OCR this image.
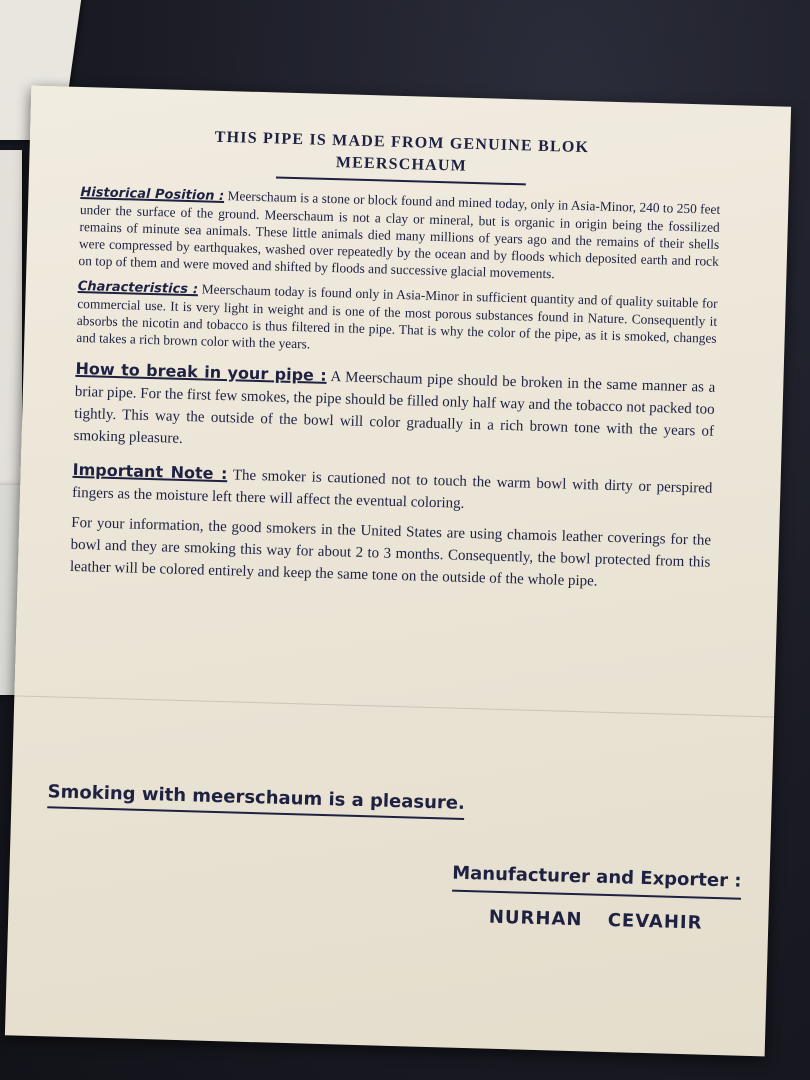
THIS PIPE IS MADE FROM GENUINE BLOK

MEERSCHAUM

Historical Position : Meerschaum is a stone or block found and mined today, only in Asia-Minor, 240 to 250 feet under the surface of the ground. Meerschaum is not a clay or mineral, but is organic in origin being the fossilized remains of minute sea animals. These little animals died many millions of years ago and the remains of their shells were compressed by earthquakes, washed over repeatedly by the ocean and by floods which deposited earth and rock on top of them and were moved and shifted by floods and successive glacial movements.

Characteristics : Meerschaum today is found only in Asia-Minor in sufficient quantity and of quality suitable for commercial use. It is very light in weight and is one of the most porous substances found in Nature. Consequently it absorbs the nicotin and tobacco is thus filtered in the pipe. That is why the color of the pipe, as it is smoked, changes and takes a rich brown color with the years.

How to break in your pipe : A Meerschaum pipe should be broken in the same manner as a briar pipe. For the first few smokes, the pipe should be filled only half way and the tobacco not packed too tightly. This way the outside of the bowl will color gradually in a rich brown tone with the years of smoking pleasure.

Important Note : The smoker is cautioned not to touch the warm bowl with dirty or perspired fingers as the moisture left there will affect the eventual coloring.

For your information, the good smokers in the United States are using chamois leather coverings for the bowl and they are smoking this way for about 2 to 3 months. Consequently, the bowl protected from this leather will be colored entirely and keep the same tone on the outside of the whole pipe.

Smoking with meerschaum is a pleasure.
Manufacturer and Exporter :
NURHAN CEVAHIR
